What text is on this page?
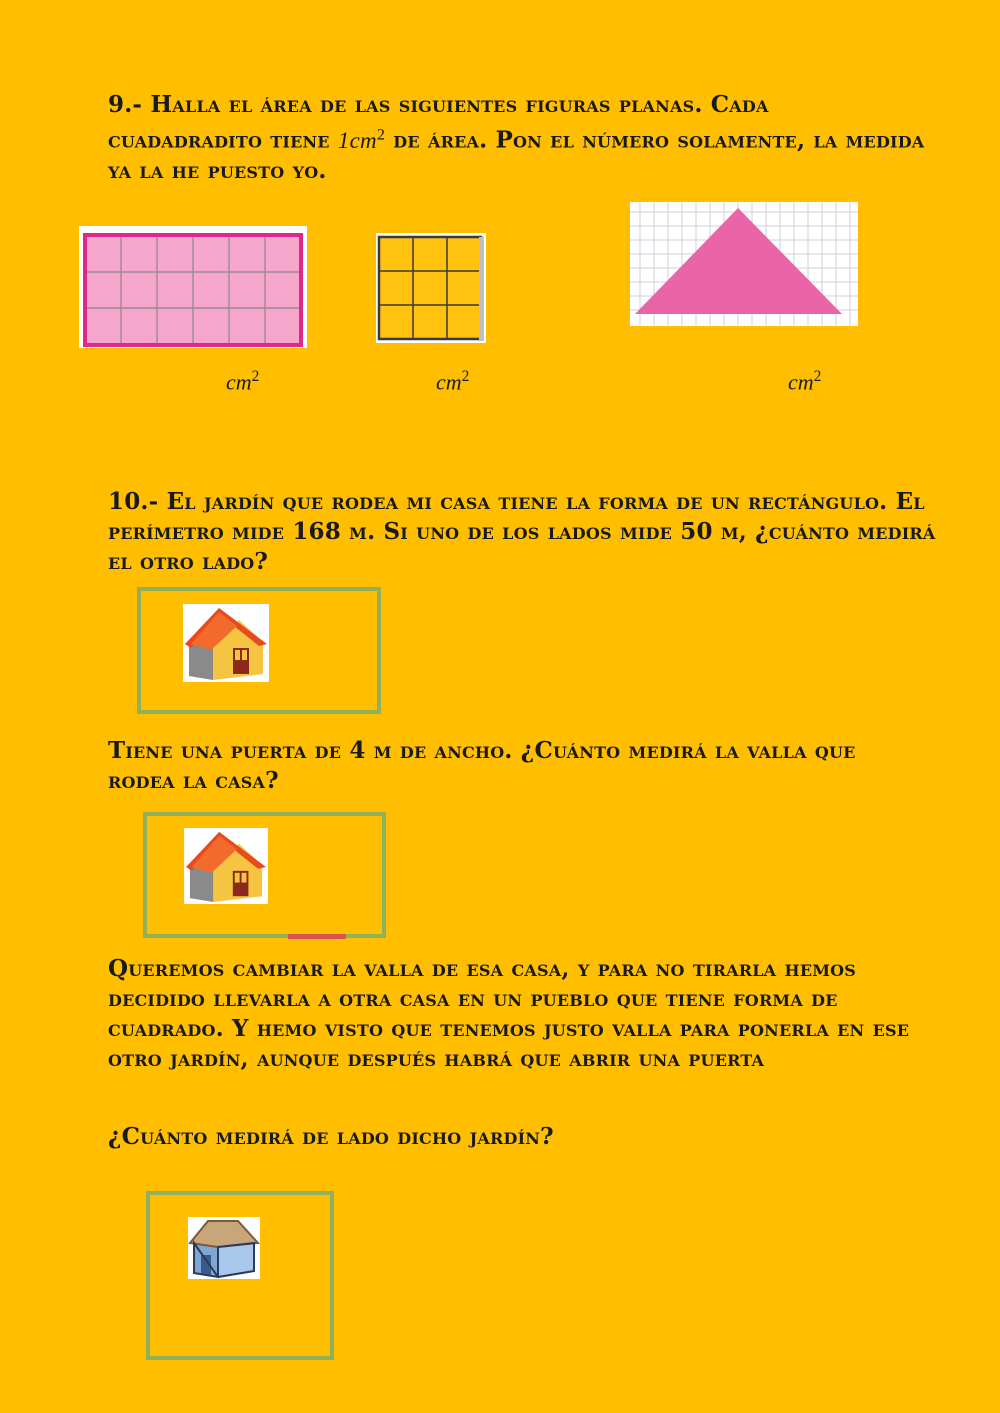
9.- Halla el área de las siguientes figuras planas. Cada cuadadradito tiene $1cm^2$ de área. Pon el número solamente, la medida ya la he puesto yo.

$cm^2$	$cm^2$	$cm^2$

10.- El jardín que rodea mi casa tiene la forma de un rectángulo. El perímetro mide 168 m. Si uno de los lados mide 50 m, ¿cuánto medirá el otro lado?

Tiene una puerta de 4 m de ancho. ¿Cuánto medirá la valla que rodea la casa?

Queremos cambiar la valla de esa casa, y para no tirarla hemos decidido llevarla a otra casa en un pueblo que tiene forma de cuadrado. Y hemo visto que tenemos justo valla para ponerla en ese otro jardín, aunque después habrá que abrir una puerta

¿Cuánto medirá de lado dicho jardín?
